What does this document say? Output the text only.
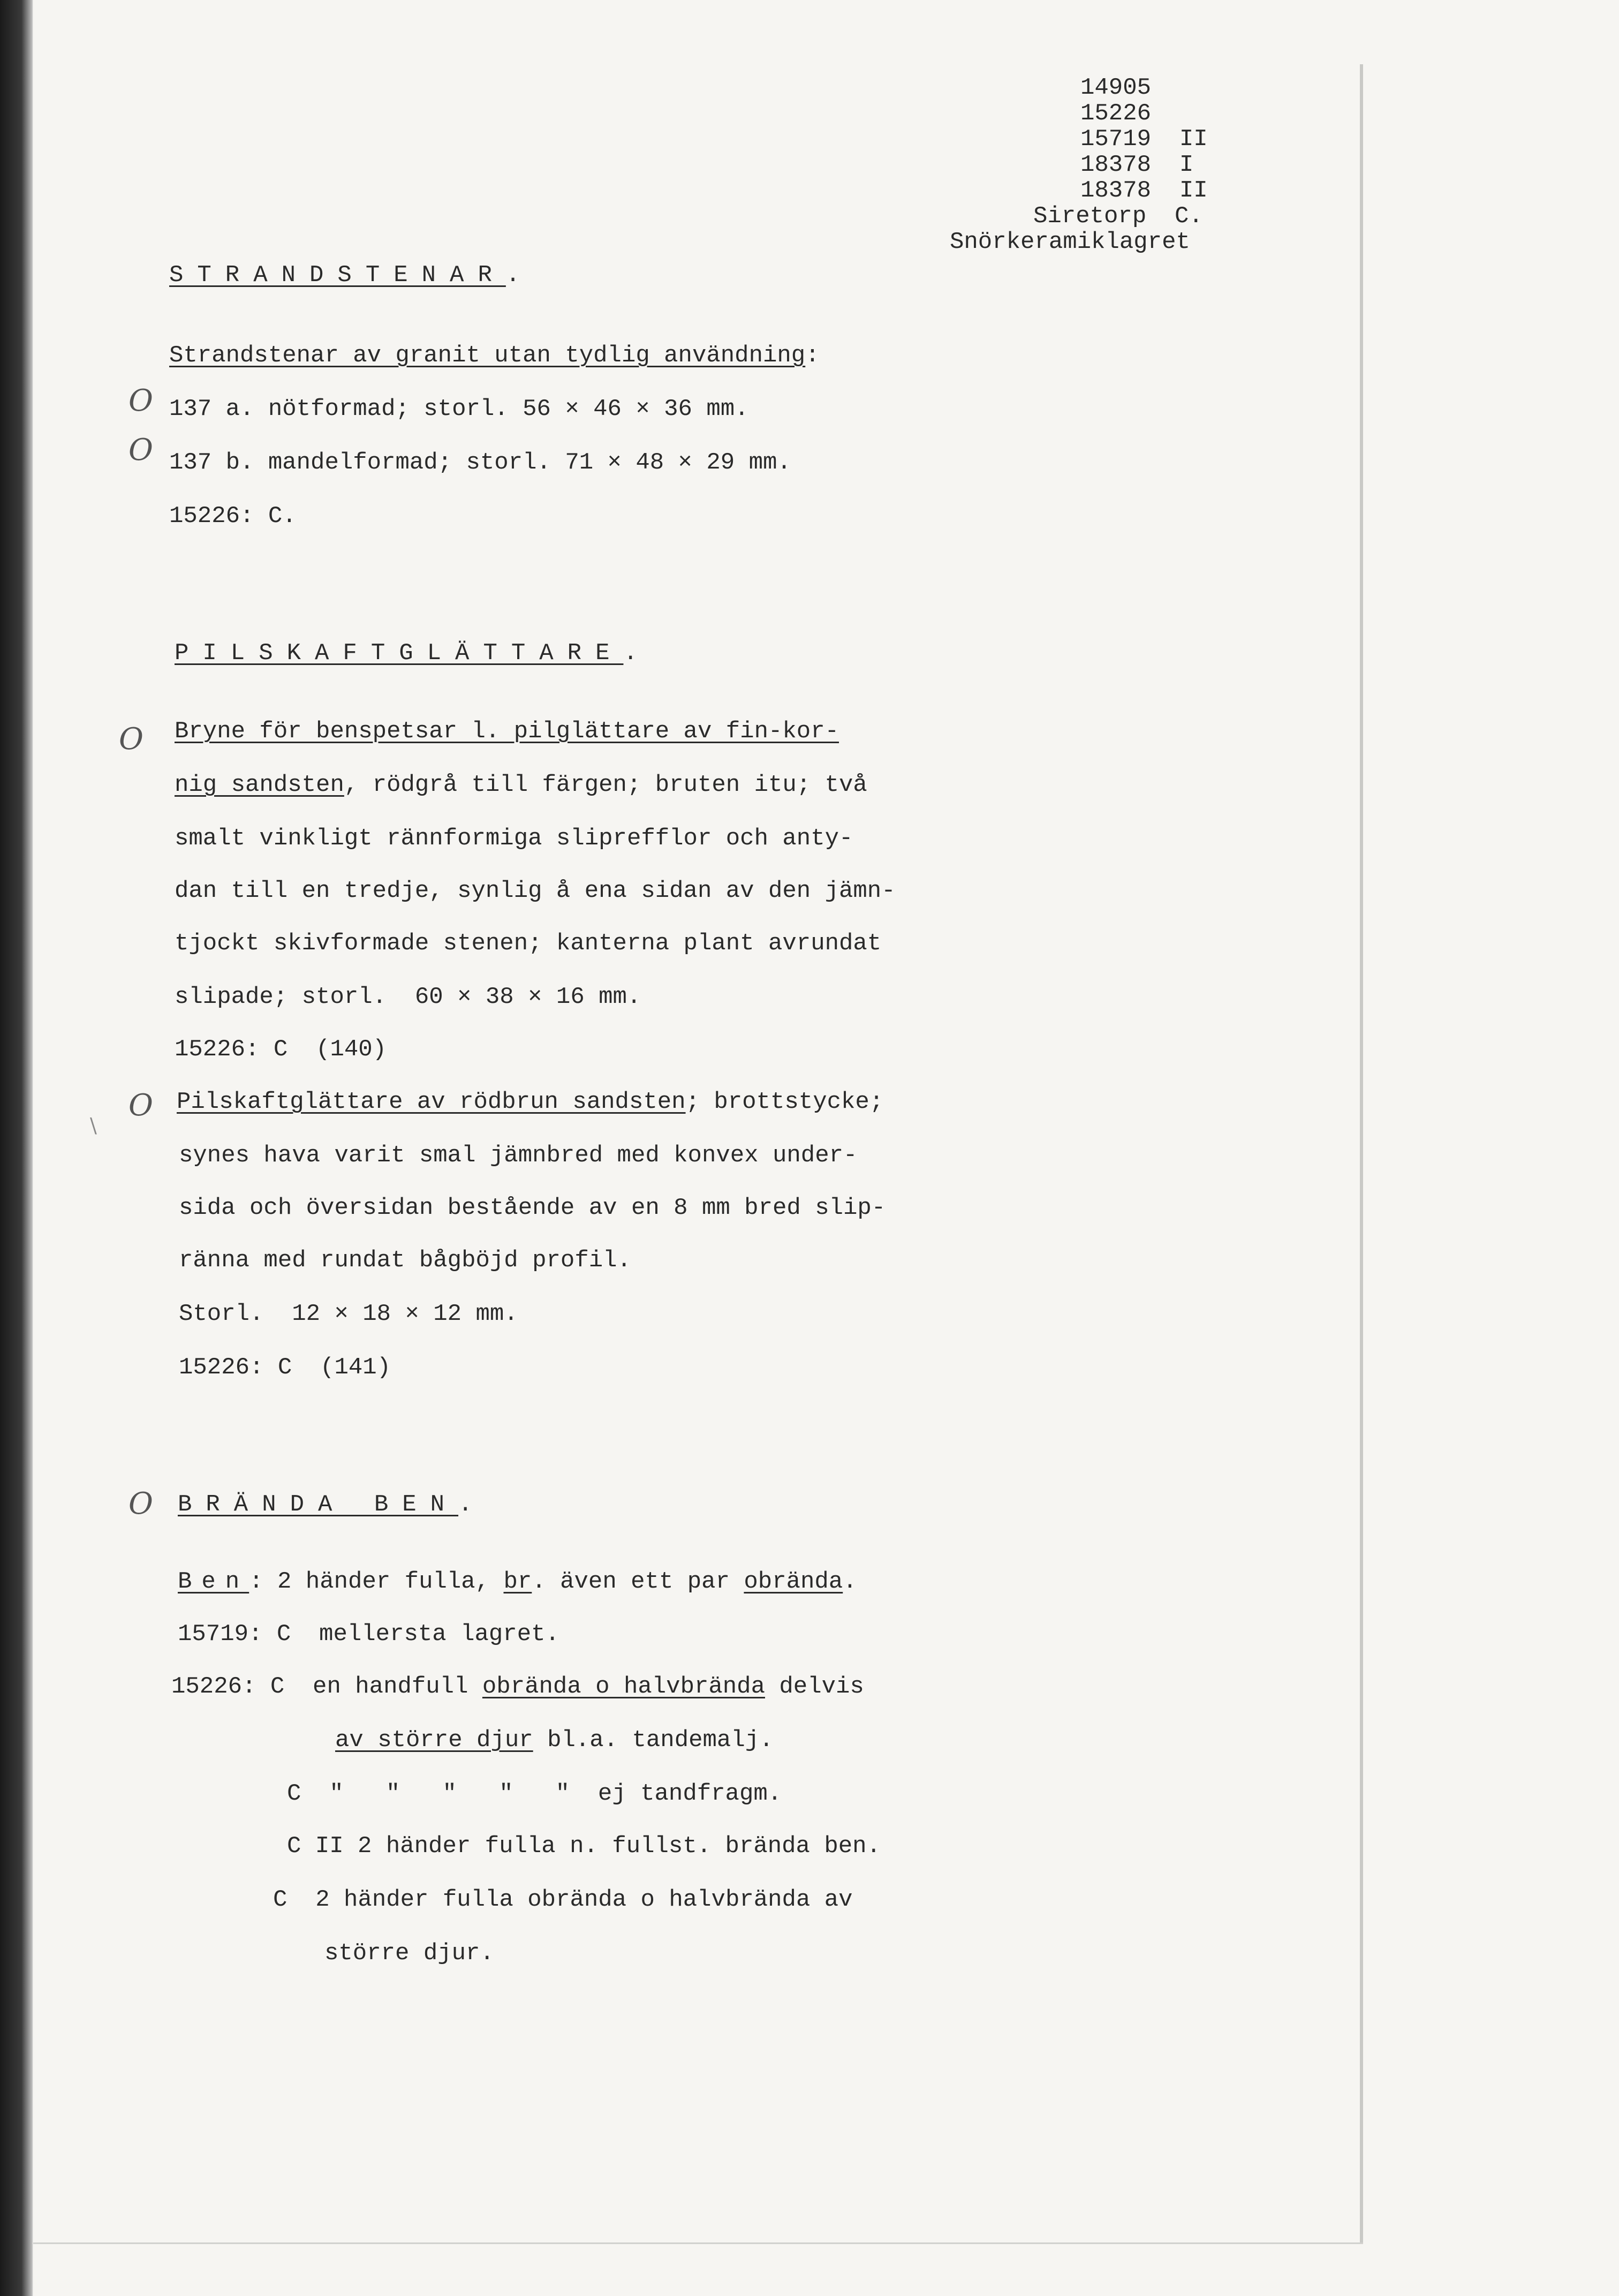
14905
15226
15719  II
18378  I
18378  II
Siretorp  C.
Snörkeramiklagret
STRANDSTENAR.
Strandstenar av granit utan tydlig användning:
O 137 a. nötformad; storl. 56 × 46 × 36 mm.
O 137 b. mandelformad; storl. 71 × 48 × 29 mm.
15226: C.
PILSKAFTGLÄTTARE.
O Bryne för benspetsar l. pilglättare av fin-kor-
nig sandsten, rödgrå till färgen; bruten itu; två
smalt vinkligt rännformiga sliprefflor och anty-
dan till en tredje, synlig å ena sidan av den jämn-
tjockt skivformade stenen; kanterna plant avrundat
slipade; storl.  60 × 38 × 16 mm.
15226: C  (140)
\
O Pilskaftglättare av rödbrun sandsten; brottstycke;
synes hava varit smal jämnbred med konvex under-
sida och översidan bestående av en 8 mm bred slip-
ränna med rundat bågböjd profil.
Storl.  12 × 18 × 12 mm.
15226: C  (141)
O BRÄNDA BEN.
Ben: 2 händer fulla, br. även ett par obrända.
15719: C  mellersta lagret.
15226: C  en handfull obrända o halvbrända delvis
av större djur bl.a. tandemalj.
C  "   "   "   "   "  ej tandfragm.
C II 2 händer fulla n. fullst. brända ben.
C  2 händer fulla obrända o halvbrända av
större djur.
